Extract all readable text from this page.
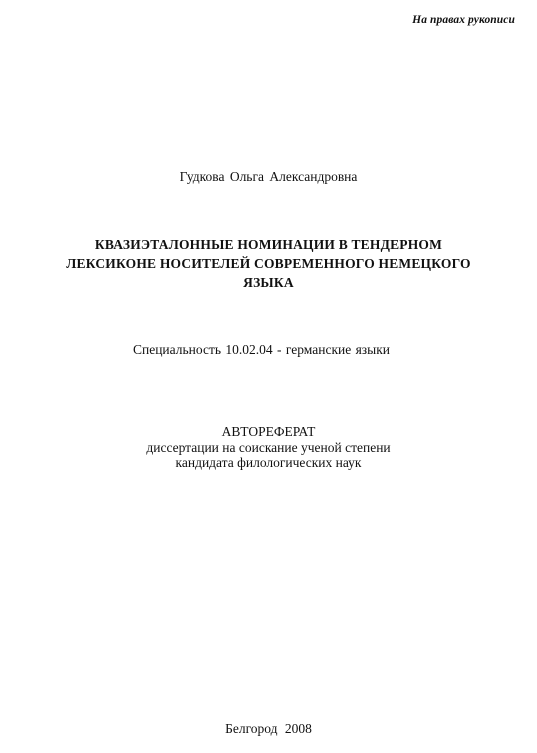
На правах рукописи
Гудкова Ольга Александровна
КВАЗИЭТАЛОННЫЕ НОМИНАЦИИ В ТЕНДЕРНОМ
ЛЕКСИКОНЕ НОСИТЕЛЕЙ СОВРЕМЕННОГО НЕМЕЦКОГО
ЯЗЫКА
Специальность 10.02.04 - германские языки
АВТОРЕФЕРАТ
диссертации на соискание ученой степени
кандидата филологических наук
Белгород 2008
